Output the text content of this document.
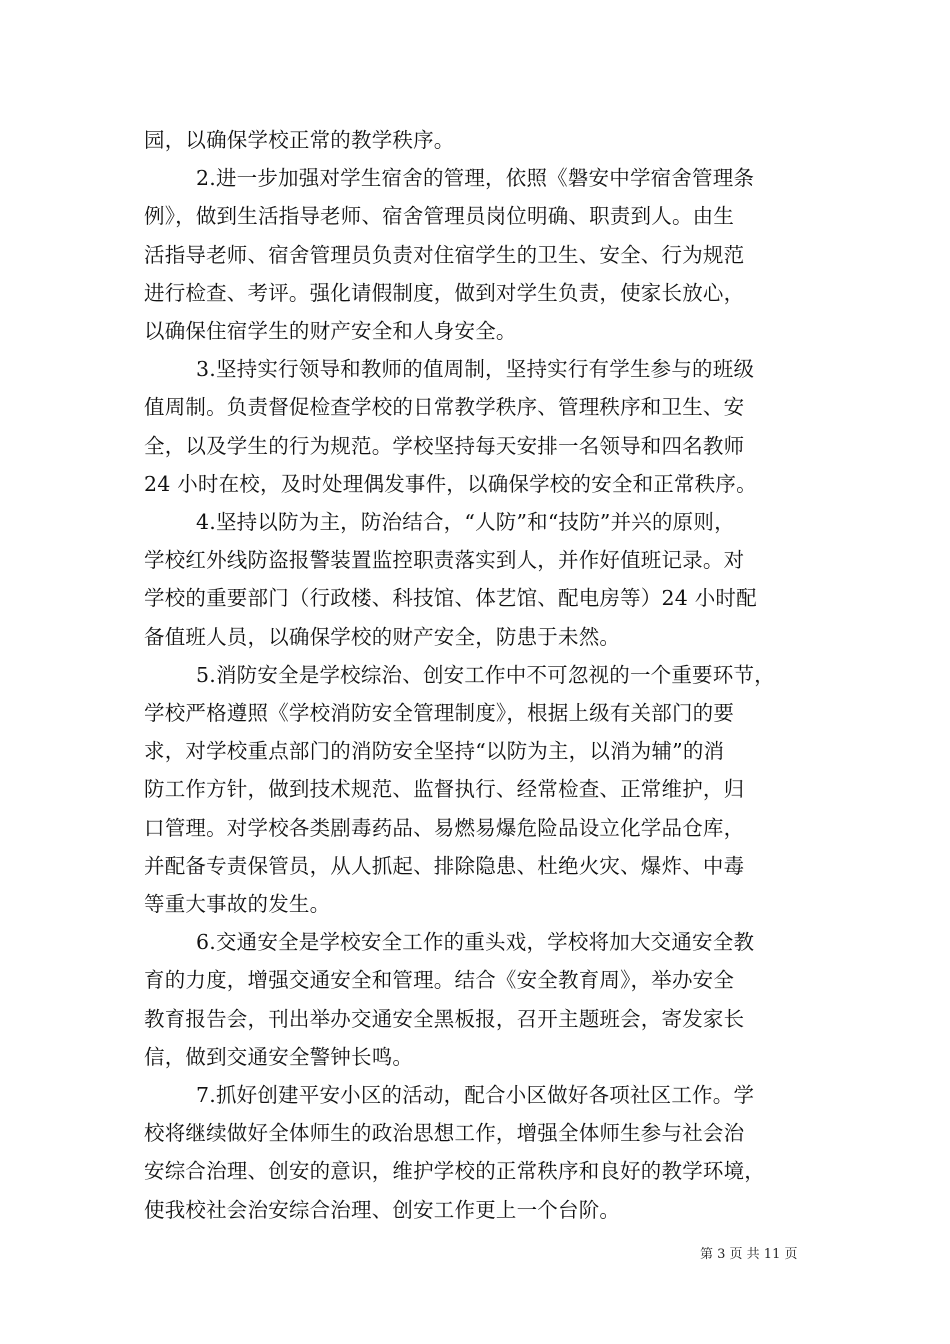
园，以确保学校正常的教学秩序。
2.进一步加强对学生宿舍的管理，依照《磐安中学宿舍管理条
例》，做到生活指导老师、宿舍管理员岗位明确、职责到人。由生
活指导老师、宿舍管理员负责对住宿学生的卫生、安全、行为规范
进行检查、考评。强化请假制度，做到对学生负责，使家长放心，
以确保住宿学生的财产安全和人身安全。
3.坚持实行领导和教师的值周制，坚持实行有学生参与的班级
值周制。负责督促检查学校的日常教学秩序、管理秩序和卫生、安
全，以及学生的行为规范。学校坚持每天安排一名领导和四名教师
24 小时在校，及时处理偶发事件，以确保学校的安全和正常秩序。
4.坚持以防为主，防治结合，“人防”和“技防”并兴的原则，
学校红外线防盗报警装置监控职责落实到人，并作好值班记录。对
学校的重要部门（行政楼、科技馆、体艺馆、配电房等）24 小时配
备值班人员，以确保学校的财产安全，防患于未然。
5.消防安全是学校综治、创安工作中不可忽视的一个重要环节，
学校严格遵照《学校消防安全管理制度》，根据上级有关部门的要
求，对学校重点部门的消防安全坚持“以防为主，以消为辅”的消
防工作方针，做到技术规范、监督执行、经常检查、正常维护，归
口管理。对学校各类剧毒药品、易燃易爆危险品设立化学品仓库，
并配备专责保管员，从人抓起、排除隐患、杜绝火灾、爆炸、中毒
等重大事故的发生。
6.交通安全是学校安全工作的重头戏，学校将加大交通安全教
育的力度，增强交通安全和管理。结合《安全教育周》，举办安全
教育报告会，刊出举办交通安全黑板报，召开主题班会，寄发家长
信，做到交通安全警钟长鸣。
7.抓好创建平安小区的活动，配合小区做好各项社区工作。学
校将继续做好全体师生的政治思想工作，增强全体师生参与社会治
安综合治理、创安的意识，维护学校的正常秩序和良好的教学环境，
使我校社会治安综合治理、创安工作更上一个台阶。
第 3 页 共 11 页
